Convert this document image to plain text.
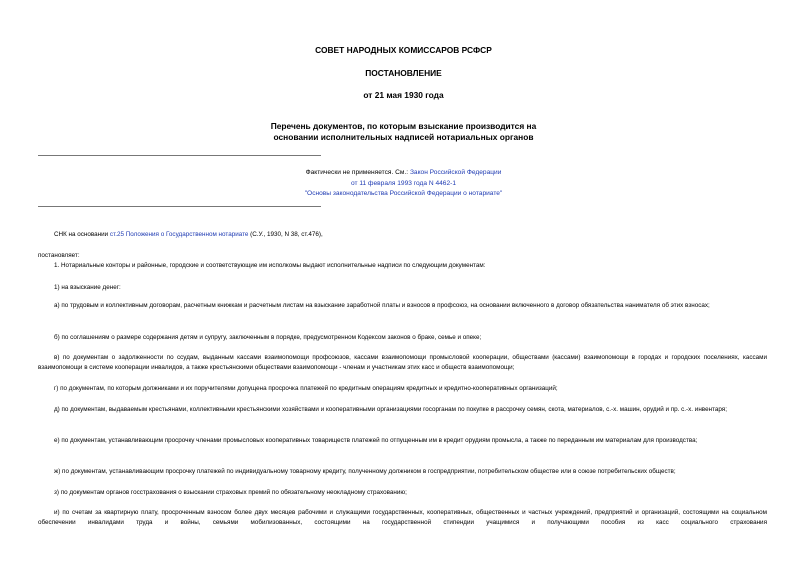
СОВЕТ НАРОДНЫХ КОМИССАРОВ РСФСР
ПОСТАНОВЛЕНИЕ
от 21 мая 1930 года
Перечень документов, по которым взыскание производится на
основании исполнительных надписей нотариальных органов
Фактически не применяется. См.: Закон Российской Федерации
от 11 февраля 1993 года N 4462-1
"Основы законодательства Российской Федерации о нотариате"
СНК на основании ст.25 Положения о Государственном нотариате (С.У., 1930, N 38, ст.476),
постановляет:
1. Нотариальные конторы и районные, городские и соответствующие им исполкомы выдают исполнительные надписи по следующим документам:
1) на взыскание денег:
а) по трудовым и коллективным договорам, расчетным книжкам и расчетным листам на взыскание заработной платы и взносов в профсоюз, на основании включенного в договор обязательства нанимателя об этих взносах;
б) по соглашениям о размере содержания детям и супругу, заключенным в порядке, предусмотренном Кодексом законов о браке, семье и опеке;
в) по документам о задолженности по ссудам, выданным кассами взаимопомощи профсоюзов, кассами взаимопомощи промысловой кооперации, обществами (кассами) взаимопомощи в городах и городских поселениях, кассами взаимопомощи в системе кооперации инвалидов, а также крестьянскими обществами взаимопомощи - членам и участникам этих касс и обществ взаимопомощи;
г) по документам, по которым должниками и их поручителями допущена просрочка платежей по кредитным операциям кредитных и кредитно-кооперативных организаций;
д) по документам, выдаваемым крестьянами, коллективными крестьянскими хозяйствами и кооперативными организациями госорганам по покупке в рассрочку семян, скота, материалов, с.-х. машин, орудий и пр. с.-х. инвентаря;
е) по документам, устанавливающим просрочку членами промысловых кооперативных товариществ платежей по отпущенным им в кредит орудиям промысла, а также по переданным им материалам для производства;
ж) по документам, устанавливающим просрочку платежей по индивидуальному товарному кредиту, полученному должником в госпредприятии, потребительском обществе или в союзе потребительских обществ;
з) по документам органов госстрахования о взыскании страховых премий по обязательному неокладному страхованию;
и) по счетам за квартирную плату, просроченным взносом более двух месяцев рабочими и служащими государственных, кооперативных, общественных и частных учреждений, предприятий и организаций, состоящими на социальном обеспечении инвалидами труда и войны, семьями мобилизованных, состоящими на государственной стипендии учащимися и получающими пособия из касс социального страхования
